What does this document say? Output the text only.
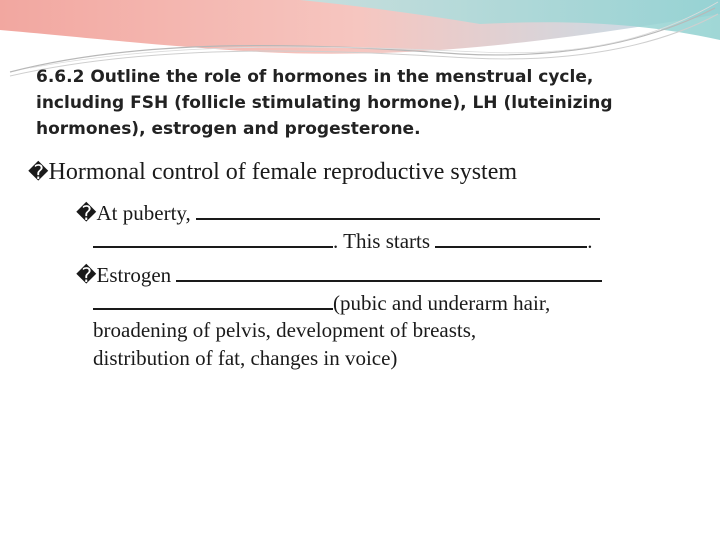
6.6.2 Outline the role of hormones in the menstrual cycle,
including FSH (follicle stimulating hormone), LH (luteinizing
hormones), estrogen and progesterone.
�Hormonal control of female reproductive system
�At puberty,
. This starts	.
�Estrogen
(pubic and underarm hair,
broadening of pelvis, development of breasts,
distribution of fat, changes in voice)
